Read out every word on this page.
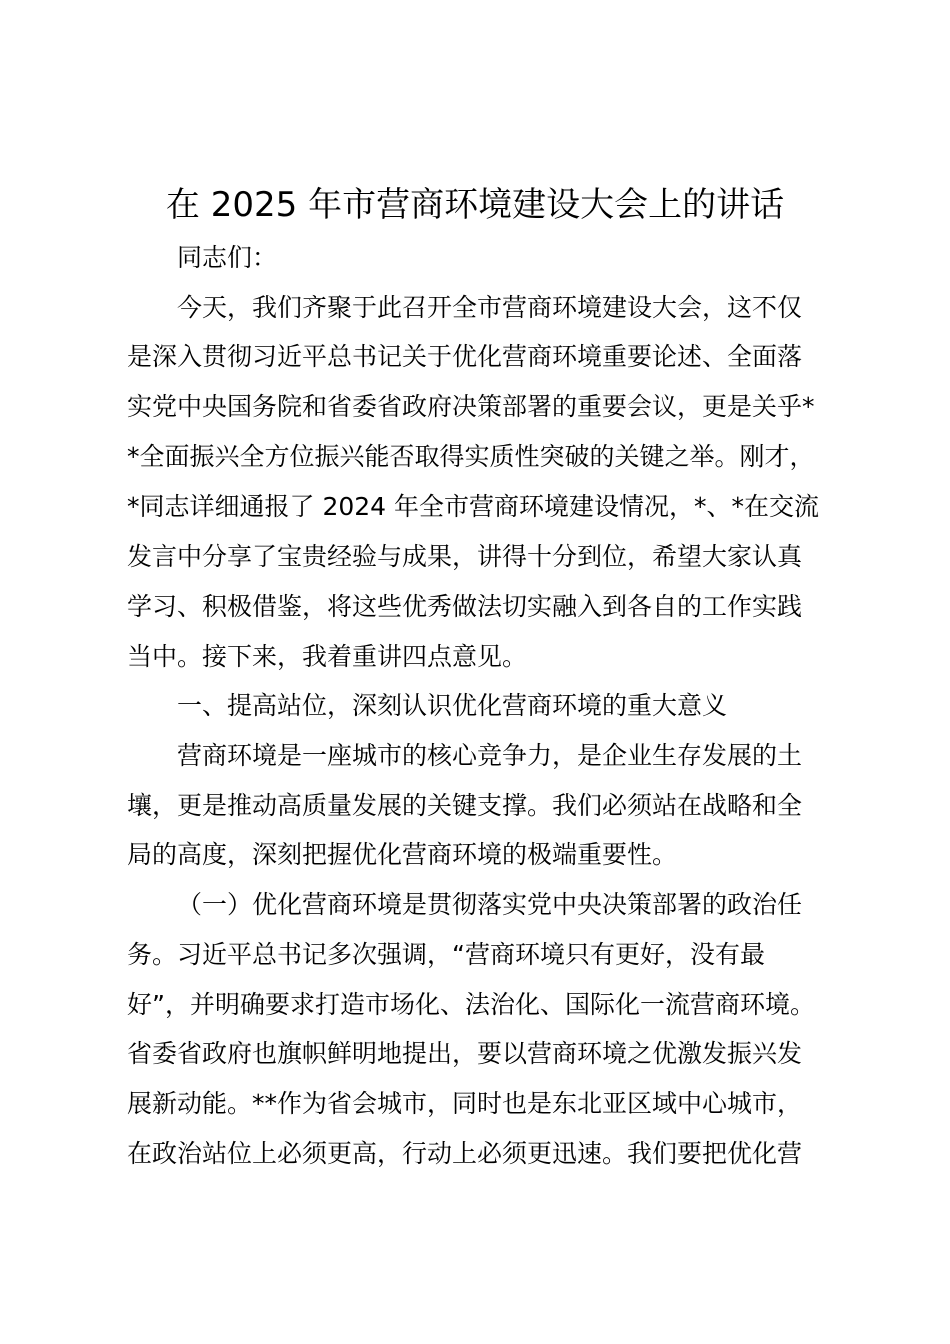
在 2025 年市营商环境建设大会上的讲话
同志们：
今天，我们齐聚于此召开全市营商环境建设大会，这不仅
是深入贯彻习近平总书记关于优化营商环境重要论述、全面落
实党中央国务院和省委省政府决策部署的重要会议，更是关乎*
*全面振兴全方位振兴能否取得实质性突破的关键之举。刚才，
*同志详细通报了 2024 年全市营商环境建设情况，*、*在交流
发言中分享了宝贵经验与成果，讲得十分到位，希望大家认真
学习、积极借鉴，将这些优秀做法切实融入到各自的工作实践
当中。接下来，我着重讲四点意见。
一、提高站位，深刻认识优化营商环境的重大意义
营商环境是一座城市的核心竞争力，是企业生存发展的土
壤，更是推动高质量发展的关键支撑。我们必须站在战略和全
局的高度，深刻把握优化营商环境的极端重要性。
（一）优化营商环境是贯彻落实党中央决策部署的政治任
务。习近平总书记多次强调，“营商环境只有更好，没有最
好”，并明确要求打造市场化、法治化、国际化一流营商环境。
省委省政府也旗帜鲜明地提出，要以营商环境之优激发振兴发
展新动能。**作为省会城市，同时也是东北亚区域中心城市，
在政治站位上必须更高，行动上必须更迅速。我们要把优化营
